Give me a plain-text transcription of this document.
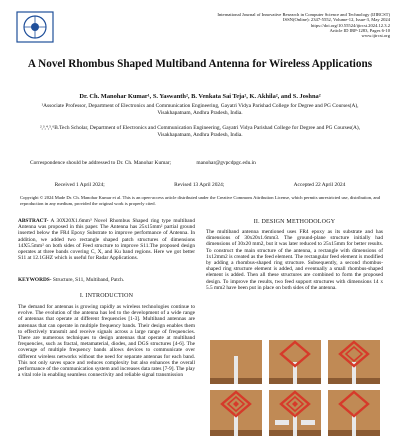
International Journal of Innovative Research in Computer Science and Technology (IJIRCST)
ISSN(Online): 2347-5552, Volume-12, Issue-3, May 2024
https://doi.org/10.55524/ijircst.2024.12.3.2
Article ID IRP-1283, Pages 6-10
www.ijircst.org
A Novel Rhombus Shaped Multiband Antenna for Wireless Applications
Dr. Ch. Manohar Kumar¹, S. Yaswanth², B. Venkata Sai Teja², K. Akhila², and S. Joshna²
¹Associate Professor, Department of Electronics and Communication Engineering, Gayatri Vidya Parishad College for Degree and PG Courses(A), Visakhapatnam, Andhra Pradesh, India.
²,³,⁴,⁵,⁶B.Tech Scholar, Department of Electronics and Communication Engineering, Gayatri Vidya Parishad College for Degree and PG Courses(A), Visakhapatnam, Andhra Pradesh, India.
Correspondence should be addressed to Dr. Ch. Manohar Kumar;	manohar@gvpcdpgc.edu.in
Received 1 April 2024;	Revised 13 April 2024;	Accepted 22 April 2024
Copyright © 2024 Made Dr. Ch. Manohar Kumar et al. This is an open-access article distributed under the Creative Commons Attribution License, which permits unrestricted use, distribution, and reproduction in any medium, provided the original work is properly cited.
ABSTRACT- A 30X20X1.6mm³ Novel Rhombus Shaped ring type multiband Antenna was proposed in this paper. The Antenna has 25x15mm² partial ground inserted below the FR4 Epoxy Substrate to improve performance of Antenna. In addition, we added two rectangle shaped patch structures of dimensions 14X5.5mm² on both sides of Feed structure to improve S11.The proposed design operates at three bands covering C, X, and Ku band regions. Here we got better S11 at 12.1GHZ which is useful for Radar Applications.
KEYWORDS- Structure, S11, Multiband, Patch.
I. INTRODUCTION
The demand for antennas is growing rapidly as wireless technologies continue to evolve. The evolution of the antenna has led to the development of a wide range of antennas that operate at different frequencies [1-3]. Multiband antennas are antennas that can operate in multiple frequency bands. Their design enables them to effectively transmit and receive signals across a large range of frequencies. There are numerous techniques to design antennas that operate at multiband frequencies, such as fractal, metamaterial, diodes, and DGS structures [4-6]. The coverage of multiple frequency bands allows devices to communicate over different wireless networks without the need for separate antennas for each band. This not only saves space and reduces complexity but also enhances the overall performance of the communication system and increases data rates [7-9]. The play a vital role in enabling seamless connectivity and reliable signal transmission
II. DESIGN METHODOLOGY
The multiband antenna mentioned uses FR4 epoxy as its substrate and has dimensions of 30x20x1.6mm3. The ground-plane structure initially had dimensions of 30x20 mm2, but it was later reduced to 25x15mm for better results. To construct the main structure of the antenna, a rectangle with dimensions of 1x12mm2 is created as the feed element. The rectangular feed element is modified by adding a rhombus-shaped ring structure. Subsequently, a second rhombus-shaped ring structure element is added, and eventually a small rhombus-shaped element is added. Then all these structures are combined to form the proposed design. To improve the results, two feed support structures with dimensions 14 x 5.5 mm2 have been put in place on both sides of the antenna.
